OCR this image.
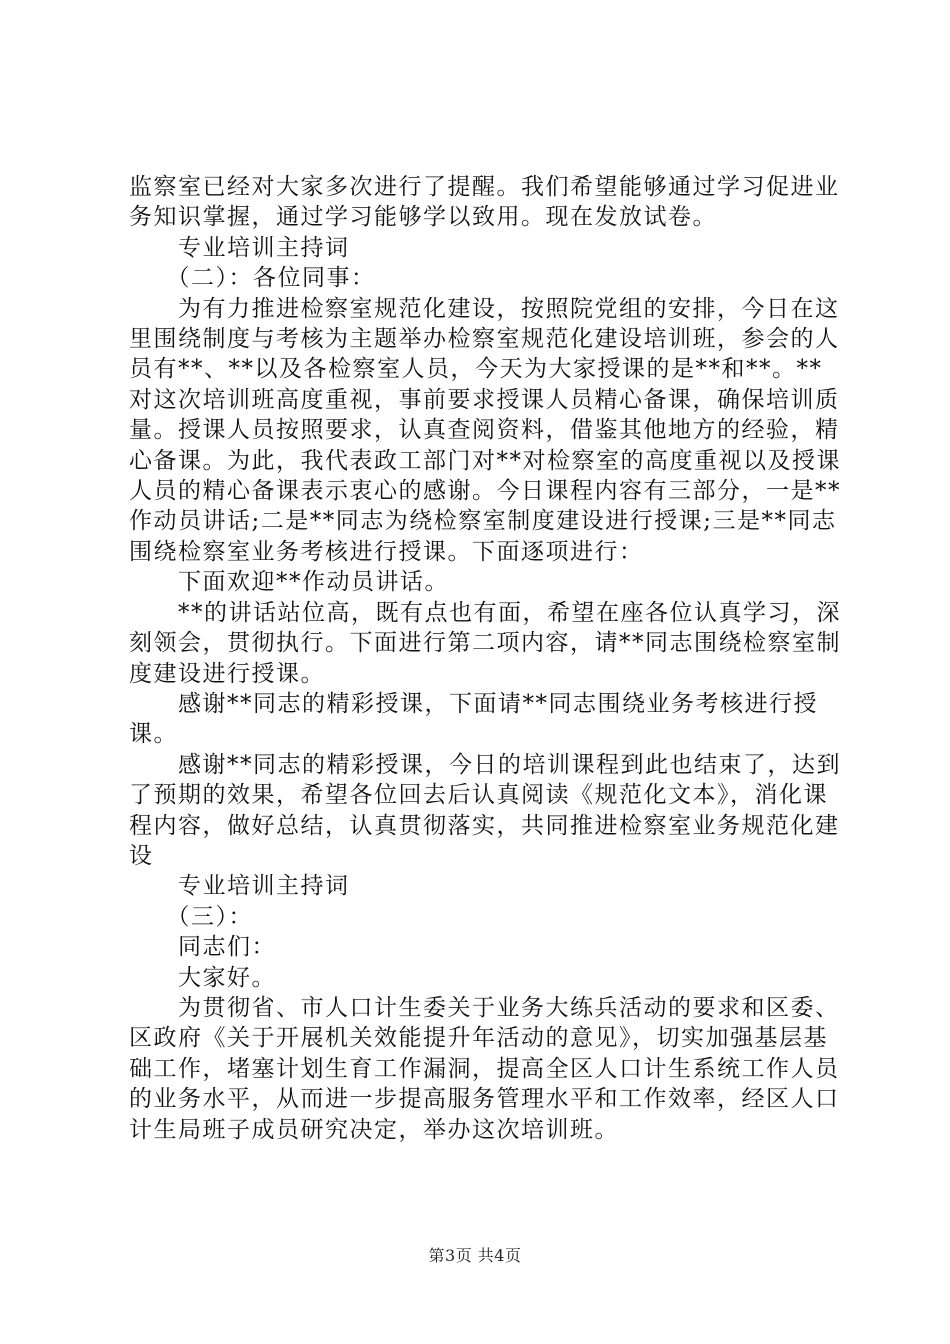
监察室已经对大家多次进行了提醒。我们希望能够通过学习促进业务知识掌握，通过学习能够学以致用。现在发放试卷。

　　专业培训主持词

　　（二）：各位同事：

　　为有力推进检察室规范化建设，按照院党组的安排，今日在这里围绕制度与考核为主题举办检察室规范化建设培训班，参会的人员有**、**以及各检察室人员，今天为大家授课的是**和**。**对这次培训班高度重视，事前要求授课人员精心备课，确保培训质量。授课人员按照要求，认真查阅资料，借鉴其他地方的经验，精心备课。为此，我代表政工部门对**对检察室的高度重视以及授课人员的精心备课表示衷心的感谢。今日课程内容有三部分，一是**作动员讲话;二是**同志为绕检察室制度建设进行授课;三是**同志围绕检察室业务考核进行授课。下面逐项进行：

　　下面欢迎**作动员讲话。

　　**的讲话站位高，既有点也有面，希望在座各位认真学习，深刻领会，贯彻执行。下面进行第二项内容，请**同志围绕检察室制度建设进行授课。

　　感谢**同志的精彩授课，下面请**同志围绕业务考核进行授课。

　　感谢**同志的精彩授课，今日的培训课程到此也结束了，达到了预期的效果，希望各位回去后认真阅读《规范化文本》，消化课程内容，做好总结，认真贯彻落实，共同推进检察室业务规范化建设

　　专业培训主持词

　　（三）：

　　同志们：

　　大家好。

　　为贯彻省、市人口计生委关于业务大练兵活动的要求和区委、区政府《关于开展机关效能提升年活动的意见》，切实加强基层基础工作，堵塞计划生育工作漏洞，提高全区人口计生系统工作人员的业务水平，从而进一步提高服务管理水平和工作效率，经区人口计生局班子成员研究决定，举办这次培训班。

第3页 共4页
